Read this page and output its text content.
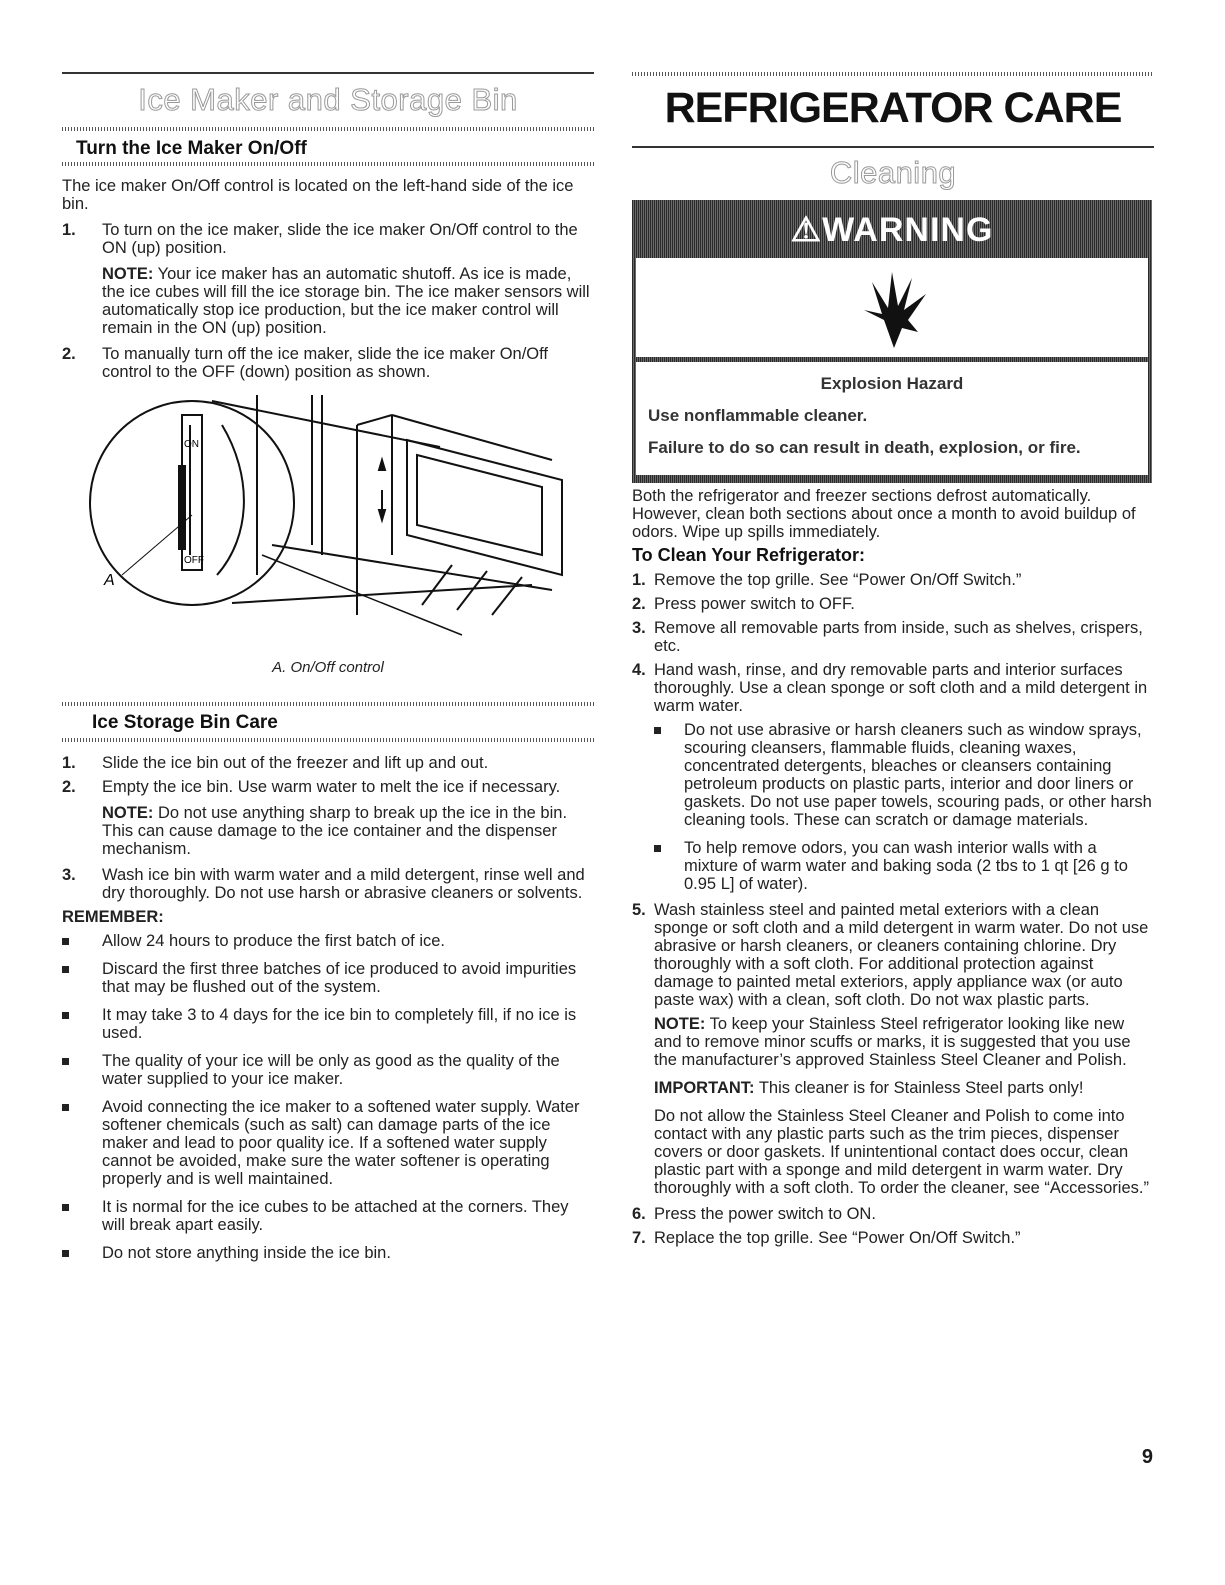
Ice Maker and Storage Bin
Turn the Ice Maker On/Off

The ice maker On/Off control is located on the left-hand side of the ice bin.

1. To turn on the ice maker, slide the ice maker On/Off control to the ON (up) position.
NOTE: Your ice maker has an automatic shutoff. As ice is made, the ice cubes will fill the ice storage bin. The ice maker sensors will automatically stop ice production, but the ice maker control will remain in the ON (up) position.
2. To manually turn off the ice maker, slide the ice maker On/Off control to the OFF (down) position as shown.
ON
OFF
A
A. On/Off control
Ice Storage Bin Care
1. Slide the ice bin out of the freezer and lift up and out.
2. Empty the ice bin. Use warm water to melt the ice if necessary.
NOTE: Do not use anything sharp to break up the ice in the bin. This can cause damage to the ice container and the dispenser mechanism.
3. Wash ice bin with warm water and a mild detergent, rinse well and dry thoroughly. Do not use harsh or abrasive cleaners or solvents.
REMEMBER:
Allow 24 hours to produce the first batch of ice.
Discard the first three batches of ice produced to avoid impurities that may be flushed out of the system.
It may take 3 to 4 days for the ice bin to completely fill, if no ice is used.
The quality of your ice will be only as good as the quality of the water supplied to your ice maker.
Avoid connecting the ice maker to a softened water supply. Water softener chemicals (such as salt) can damage parts of the ice maker and lead to poor quality ice. If a softened water supply cannot be avoided, make sure the water softener is operating properly and is well maintained.
It is normal for the ice cubes to be attached at the corners. They will break apart easily.
Do not store anything inside the ice bin.
REFRIGERATOR CARE
Cleaning
⚠WARNING
Explosion Hazard
Use nonflammable cleaner.
Failure to do so can result in death, explosion, or fire.

Both the refrigerator and freezer sections defrost automatically. However, clean both sections about once a month to avoid buildup of odors. Wipe up spills immediately.

To Clean Your Refrigerator:
1. Remove the top grille. See “Power On/Off Switch.”
2. Press power switch to OFF.
3. Remove all removable parts from inside, such as shelves, crispers, etc.
4. Hand wash, rinse, and dry removable parts and interior surfaces thoroughly. Use a clean sponge or soft cloth and a mild detergent in warm water.
Do not use abrasive or harsh cleaners such as window sprays, scouring cleansers, flammable fluids, cleaning waxes, concentrated detergents, bleaches or cleansers containing petroleum products on plastic parts, interior and door liners or gaskets. Do not use paper towels, scouring pads, or other harsh cleaning tools. These can scratch or damage materials.
To help remove odors, you can wash interior walls with a mixture of warm water and baking soda (2 tbs to 1 qt [26 g to 0.95 L] of water).
5. Wash stainless steel and painted metal exteriors with a clean sponge or soft cloth and a mild detergent in warm water. Do not use abrasive or harsh cleaners, or cleaners containing chlorine. Dry thoroughly with a soft cloth. For additional protection against damage to painted metal exteriors, apply appliance wax (or auto paste wax) with a clean, soft cloth. Do not wax plastic parts.
NOTE: To keep your Stainless Steel refrigerator looking like new and to remove minor scuffs or marks, it is suggested that you use the manufacturer’s approved Stainless Steel Cleaner and Polish.
IMPORTANT: This cleaner is for Stainless Steel parts only!
Do not allow the Stainless Steel Cleaner and Polish to come into contact with any plastic parts such as the trim pieces, dispenser covers or door gaskets. If unintentional contact does occur, clean plastic part with a sponge and mild detergent in warm water. Dry thoroughly with a soft cloth. To order the cleaner, see “Accessories.”
6. Press the power switch to ON.
7. Replace the top grille. See “Power On/Off Switch.”
9
